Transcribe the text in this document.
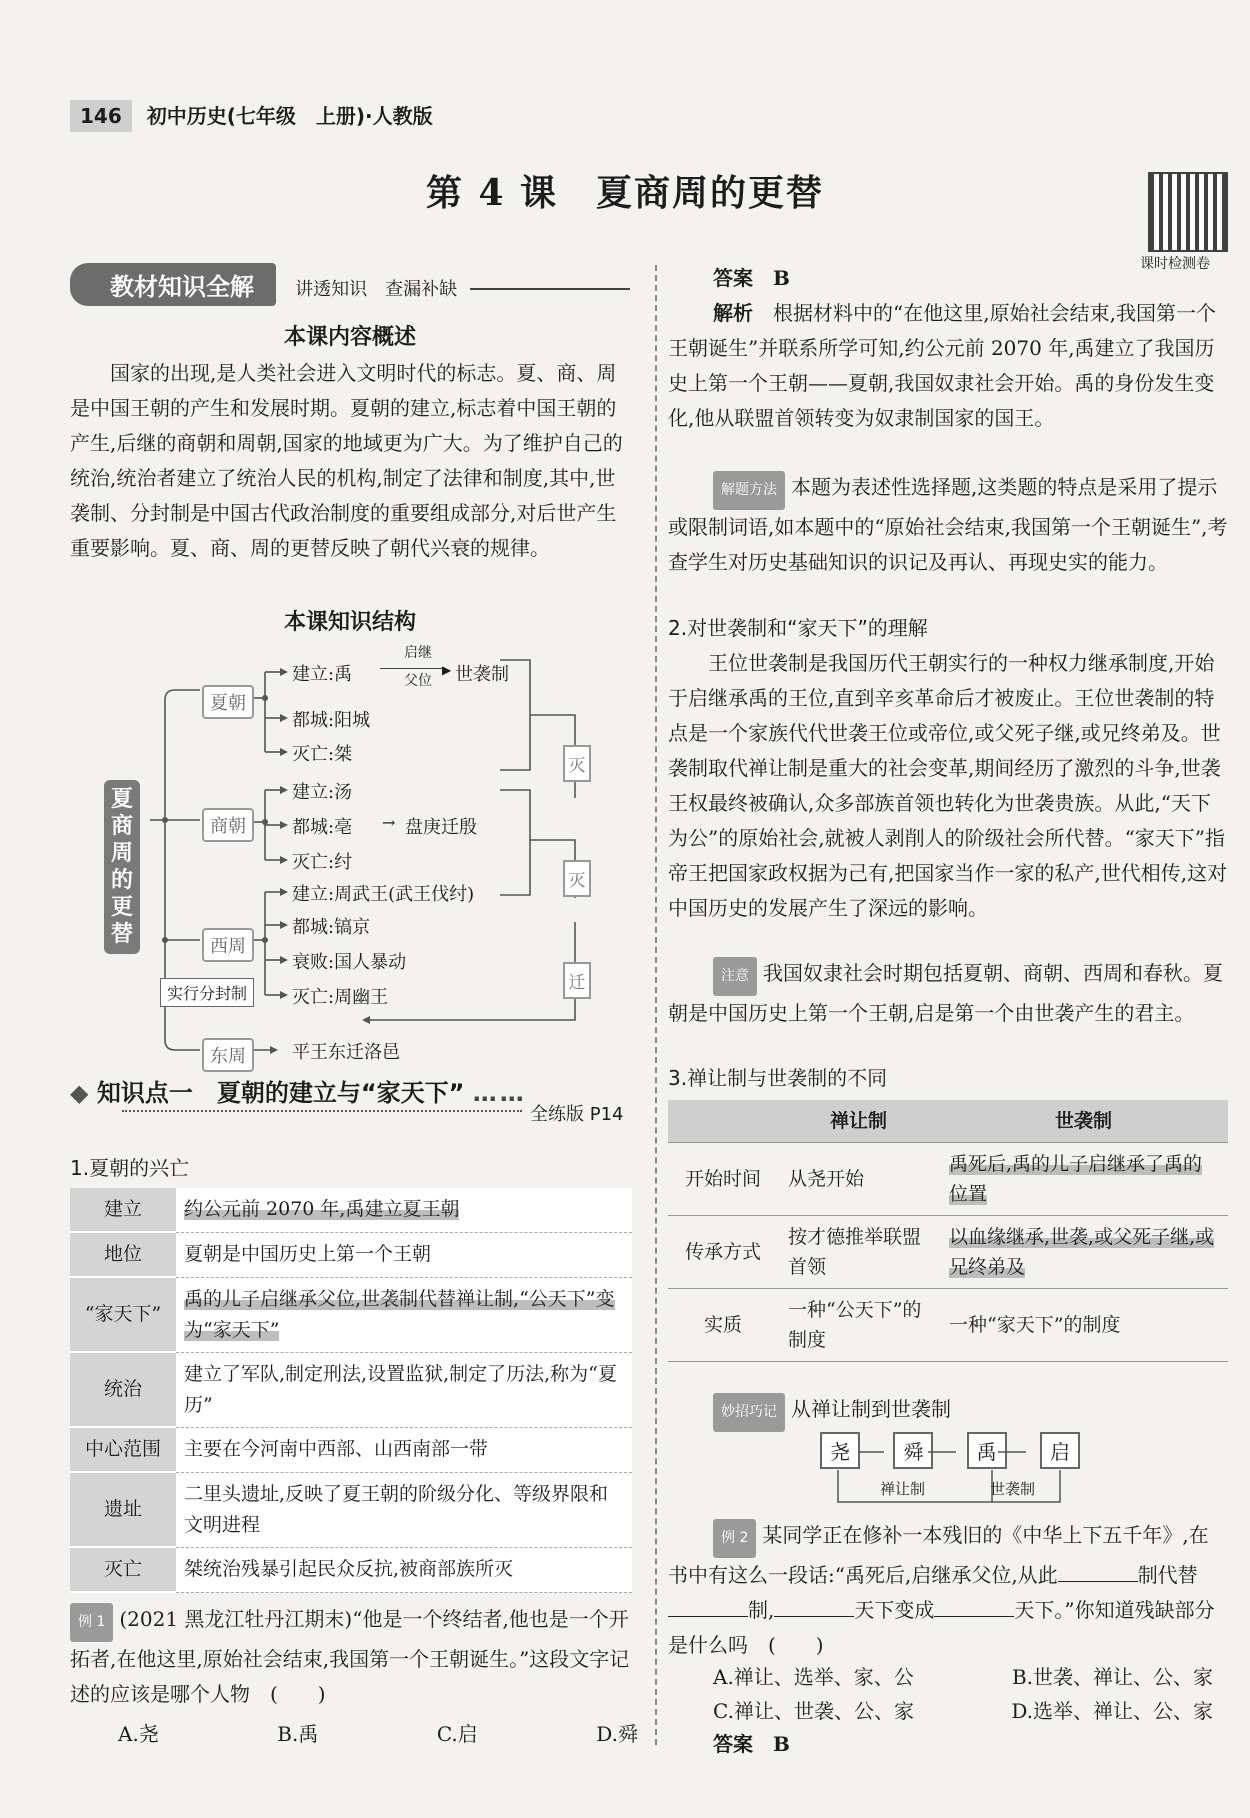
146 初中历史(七年级　上册)·人教版
第 4 课　夏商周的更替
课时检测卷
教材知识全解 讲透知识　查漏补缺
本课内容概述
国家的出现,是人类社会进入文明时代的标志。夏、商、周是中国王朝的产生和发展时期。夏朝的建立,标志着中国王朝的产生,后继的商朝和周朝,国家的地域更为广大。为了维护自己的统治,统治者建立了统治人民的机构,制定了法律和制度,其中,世袭制、分封制是中国古代政治制度的重要组成部分,对后世产生重要影响。夏、商、周的更替反映了朝代兴衰的规律。
本课知识结构
夏商周的更替
夏朝
商朝
西周
东周
实行分封制
建立:禹
启继
▶
父位	世袭制
都城:阳城
灭亡:桀
建立:汤
都城:亳 → 盘庚迁殷
灭亡:纣
建立:周武王(武王伐纣)
都城:镐京
衰败:国人暴动
灭亡:周幽王
平王东迁洛邑
灭
灭
迁
◆ 知识点一　夏朝的建立与“家天下” ……
全练版 P14
1.夏朝的兴亡
建立	约公元前 2070 年,禹建立夏王朝
地位	夏朝是中国历史上第一个王朝
“家天下”	禹的儿子启继承父位,世袭制代替禅让制,“公天下”变为“家天下”
统治	建立了军队,制定刑法,设置监狱,制定了历法,称为“夏历”
中心范围	主要在今河南中西部、山西南部一带
遗址	二里头遗址,反映了夏王朝的阶级分化、等级界限和文明进程
灭亡	桀统治残暴引起民众反抗,被商部族所灭
例 1 (2021 黑龙江牡丹江期末)“他是一个终结者,他也是一个开拓者,在他这里,原始社会结束,我国第一个王朝诞生。”这段文字记述的应该是哪个人物　(　　)
A.尧	B.禹	C.启	D.舜
答案　 B
解析　 根据材料中的“在他这里,原始社会结束,我国第一个王朝诞生”并联系所学可知,约公元前 2070 年,禹建立了我国历史上第一个王朝——夏朝,我国奴隶社会开始。禹的身份发生变化,他从联盟首领转变为奴隶制国家的国王。
解题方法 本题为表述性选择题,这类题的特点是采用了提示或限制词语,如本题中的“原始社会结束,我国第一个王朝诞生”,考查学生对历史基础知识的识记及再认、再现史实的能力。
2.对世袭制和“家天下”的理解
王位世袭制是我国历代王朝实行的一种权力继承制度,开始于启继承禹的王位,直到辛亥革命后才被废止。王位世袭制的特点是一个家族代代世袭王位或帝位,或父死子继,或兄终弟及。世袭制取代禅让制是重大的社会变革,期间经历了激烈的斗争,世袭王权最终被确认,众多部族首领也转化为世袭贵族。从此,“天下为公”的原始社会,就被人剥削人的阶级社会所代替。“家天下”指帝王把国家政权据为己有,把国家当作一家的私产,世代相传,这对中国历史的发展产生了深远的影响。
注意 我国奴隶社会时期包括夏朝、商朝、西周和春秋。夏朝是中国历史上第一个王朝,启是第一个由世袭产生的君主。
3.禅让制与世袭制的不同
	禅让制	世袭制
开始时间	从尧开始	禹死后,禹的儿子启继承了禹的位置
传承方式	按才德推举联盟首领	以血缘继承,世袭,或父死子继,或兄终弟及
实质	一种“公天下”的制度	一种“家天下”的制度
妙招巧记 从禅让制到世袭制
尧	舜	禹	启
禅让制	世袭制
例 2 某同学正在修补一本残旧的《中华上下五千年》,在书中有这么一段话:“禹死后,启继承父位,从此	制代替制,	天下变成	天下。”你知道残缺部分是什么吗　 (　　)
A.禅让、选举、家、公	B.世袭、禅让、公、家
C.禅让、世袭、公、家	D.选举、禅让、公、家
答案　 B
